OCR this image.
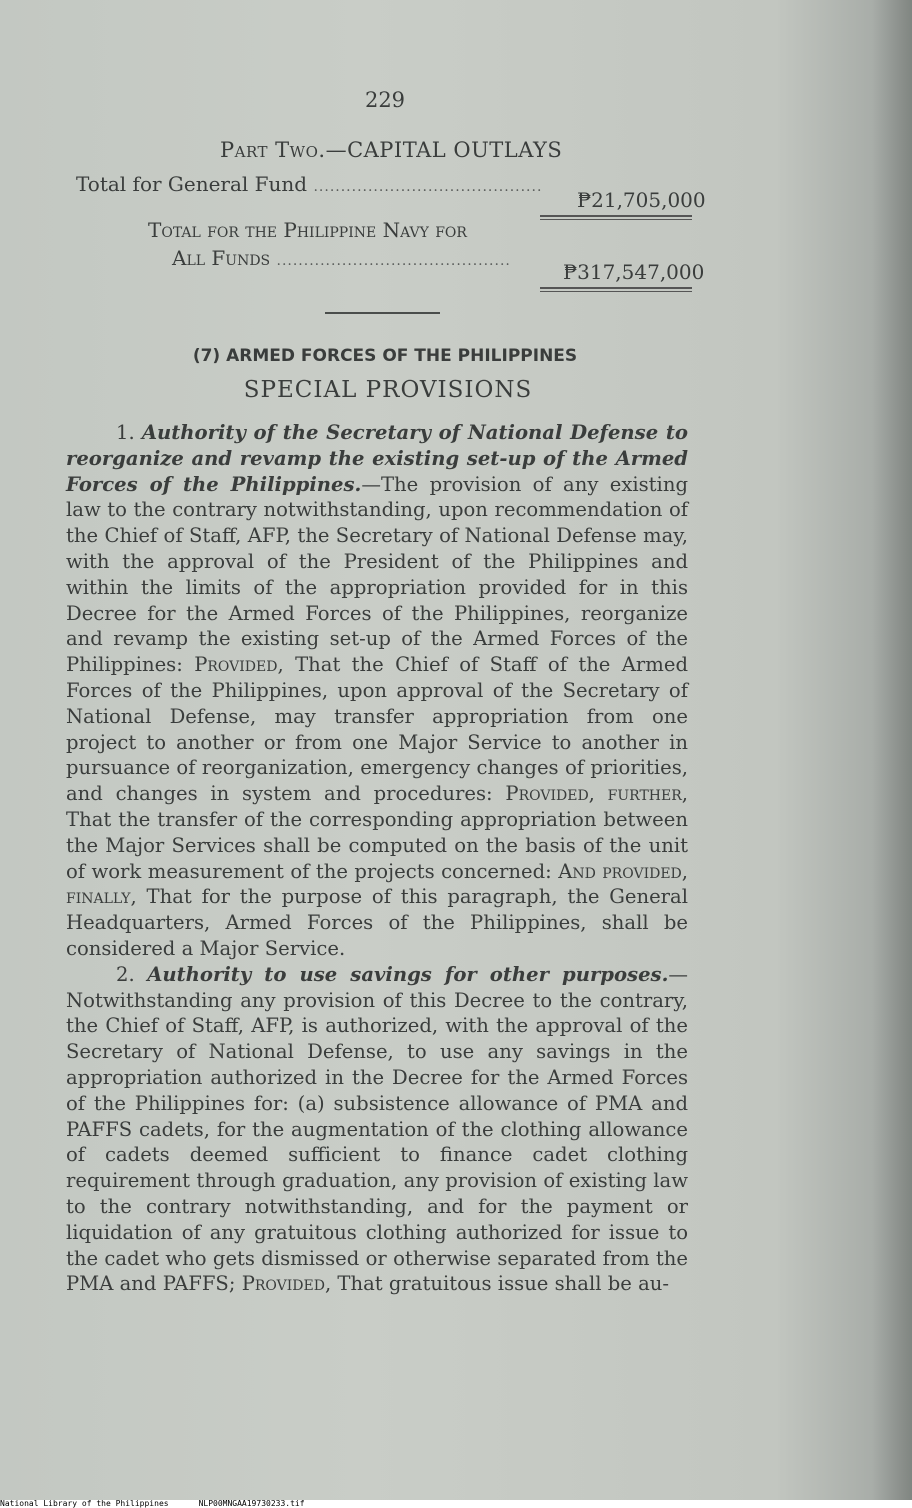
229
Part Two.—CAPITAL OUTLAYS
Total for General Fund ..........................................
₱21,705,000
Total for the Philippine Navy for
All Funds ...........................................	₱317,547,000
(7) ARMED FORCES OF THE PHILIPPINES
SPECIAL PROVISIONS

1. Authority of the Secretary of National Defense to reorganize and revamp the existing set-up of the Armed Forces of the Philippines.—The provision of any existing law to the contrary notwithstanding, upon recommendation of the Chief of Staff, AFP, the Secretary of National Defense may, with the approval of the President of the Philippines and within the limits of the appropriation provided for in this Decree for the Armed Forces of the Philippines, reorganize and revamp the existing set-up of the Armed Forces of the Philippines: Provided, That the Chief of Staff of the Armed Forces of the Philippines, upon approval of the Secretary of National Defense, may transfer appropriation from one project to another or from one Major Service to another in pursuance of reorganization, emergency changes of priorities, and changes in system and procedures: Provided, further, That the transfer of the corresponding appropriation between the Major Services shall be computed on the basis of the unit of work measurement of the projects concerned: And provided, finally, That for the purpose of this paragraph, the General Headquarters, Armed Forces of the Philippines, shall be considered a Major Service.

2. Authority to use savings for other purposes.—Notwithstanding any provision of this Decree to the contrary, the Chief of Staff, AFP, is authorized, with the approval of the Secretary of National Defense, to use any savings in the appropriation authorized in the Decree for the Armed Forces of the Philippines for: (a) subsistence allowance of PMA and PAFFS cadets, for the augmentation of the clothing allowance of cadets deemed sufficient to finance cadet clothing requirement through graduation, any provision of existing law to the contrary notwithstanding, and for the payment or liquidation of any gratuitous clothing authorized for issue to the cadet who gets dismissed or otherwise separated from the PMA and PAFFS; Provided, That gratuitous issue shall be au-

National Library of the Philippines	NLP00MNGAA19730233.tif
